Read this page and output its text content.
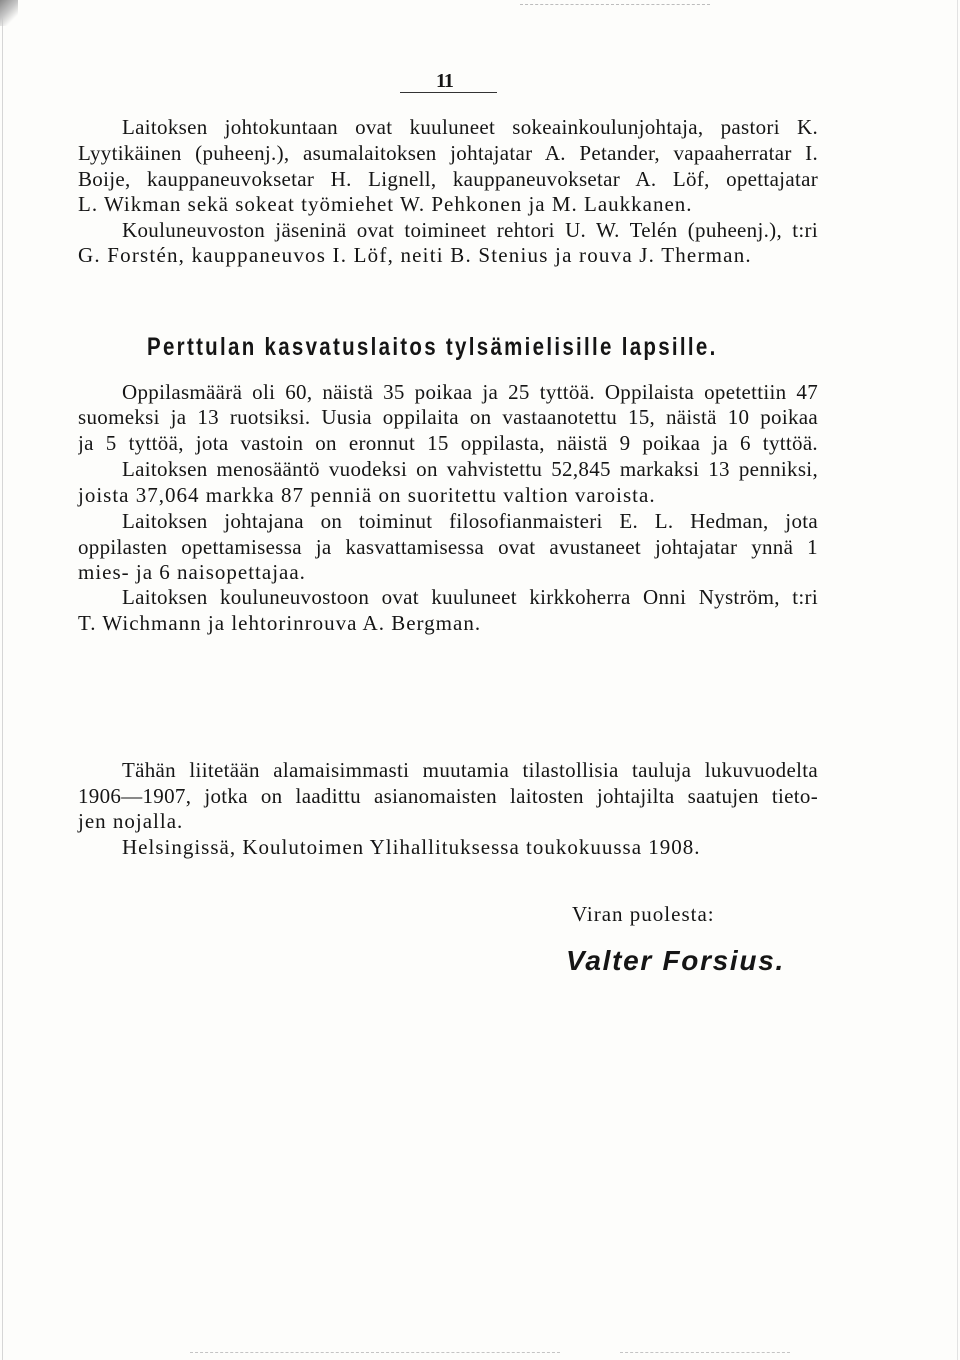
11
Laitoksen johtokuntaan ovat kuuluneet sokeainkoulunjohtaja, pastori K.
Lyytikäinen (puheenj.), asumalaitoksen johtajatar A. Petander, vapaaherratar I.
Boije, kauppaneuvoksetar H. Lignell, kauppaneuvoksetar A. Löf, opettajatar
L. Wikman sekä sokeat työmiehet W. Pehkonen ja M. Laukkanen.
Kouluneuvoston jäseninä ovat toimineet rehtori U. W. Telén (puheenj.), t:ri
G. Forstén, kauppaneuvos I. Löf, neiti B. Stenius ja rouva J. Therman.
Perttulan kasvatuslaitos tylsämielisille lapsille.
Oppilasmäärä oli 60, näistä 35 poikaa ja 25 tyttöä. Oppilaista opetettiin 47
suomeksi ja 13 ruotsiksi. Uusia oppilaita on vastaanotettu 15, näistä 10 poikaa
ja 5 tyttöä, jota vastoin on eronnut 15 oppilasta, näistä 9 poikaa ja 6 tyttöä.
Laitoksen menosääntö vuodeksi on vahvistettu 52,845 markaksi 13 penniksi,
joista 37,064 markka 87 penniä on suoritettu valtion varoista.
Laitoksen johtajana on toiminut filosofianmaisteri E. L. Hedman, jota
oppilasten opettamisessa ja kasvattamisessa ovat avustaneet johtajatar ynnä 1
mies- ja 6 naisopettajaa.
Laitoksen kouluneuvostoon ovat kuuluneet kirkkoherra Onni Nyström, t:ri
T. Wichmann ja lehtorinrouva A. Bergman.
Tähän liitetään alamaisimmasti muutamia tilastollisia tauluja lukuvuodelta
1906—1907, jotka on laadittu asianomaisten laitosten johtajilta saatujen tieto-
jen nojalla.
Helsingissä, Koulutoimen Ylihallituksessa toukokuussa 1908.
Viran puolesta:
Valter Forsius.
